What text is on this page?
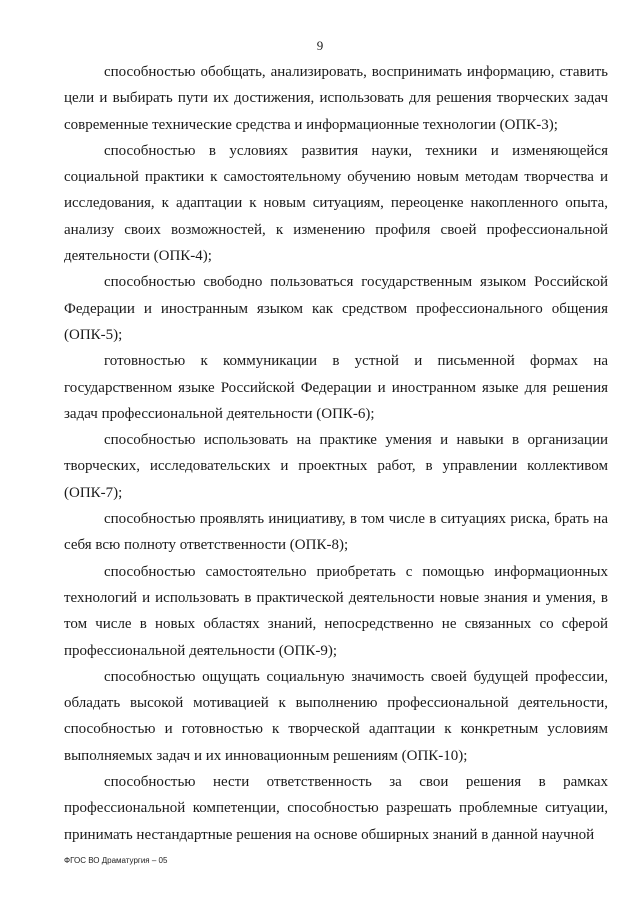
9

способностью обобщать, анализировать, воспринимать информацию, ставить цели и выбирать пути их достижения, использовать для решения творческих задач современные технические средства и информационные технологии (ОПК-3);

способностью в условиях развития науки, техники и изменяющейся социальной практики к самостоятельному обучению новым методам творчества и исследования, к адаптации к новым ситуациям, переоценке накопленного опыта, анализу своих возможностей, к изменению профиля своей профессиональной деятельности (ОПК-4);

способностью свободно пользоваться государственным языком Российской Федерации и иностранным языком как средством профессионального общения (ОПК-5);

готовностью к коммуникации в устной и письменной формах на государственном языке Российской Федерации и иностранном языке для решения задач профессиональной деятельности (ОПК-6);

способностью использовать на практике умения и навыки в организации творческих, исследовательских и проектных работ, в управлении коллективом (ОПК-7);

способностью проявлять инициативу, в том числе в ситуациях риска, брать на себя всю полноту ответственности (ОПК-8);

способностью самостоятельно приобретать с помощью информационных технологий и использовать в практической деятельности новые знания и умения, в том числе в новых областях знаний, непосредственно не связанных со сферой профессиональной деятельности (ОПК-9);

способностью ощущать социальную значимость своей будущей профессии, обладать высокой мотивацией к выполнению профессиональной деятельности, способностью и готовностью к творческой адаптации к конкретным условиям выполняемых задач и их инновационным решениям (ОПК-10);

способностью нести ответственность за свои решения в рамках профессиональной компетенции, способностью разрешать проблемные ситуации, принимать нестандартные решения на основе обширных знаний в данной научной

ФГОС ВО Драматургия – 05
